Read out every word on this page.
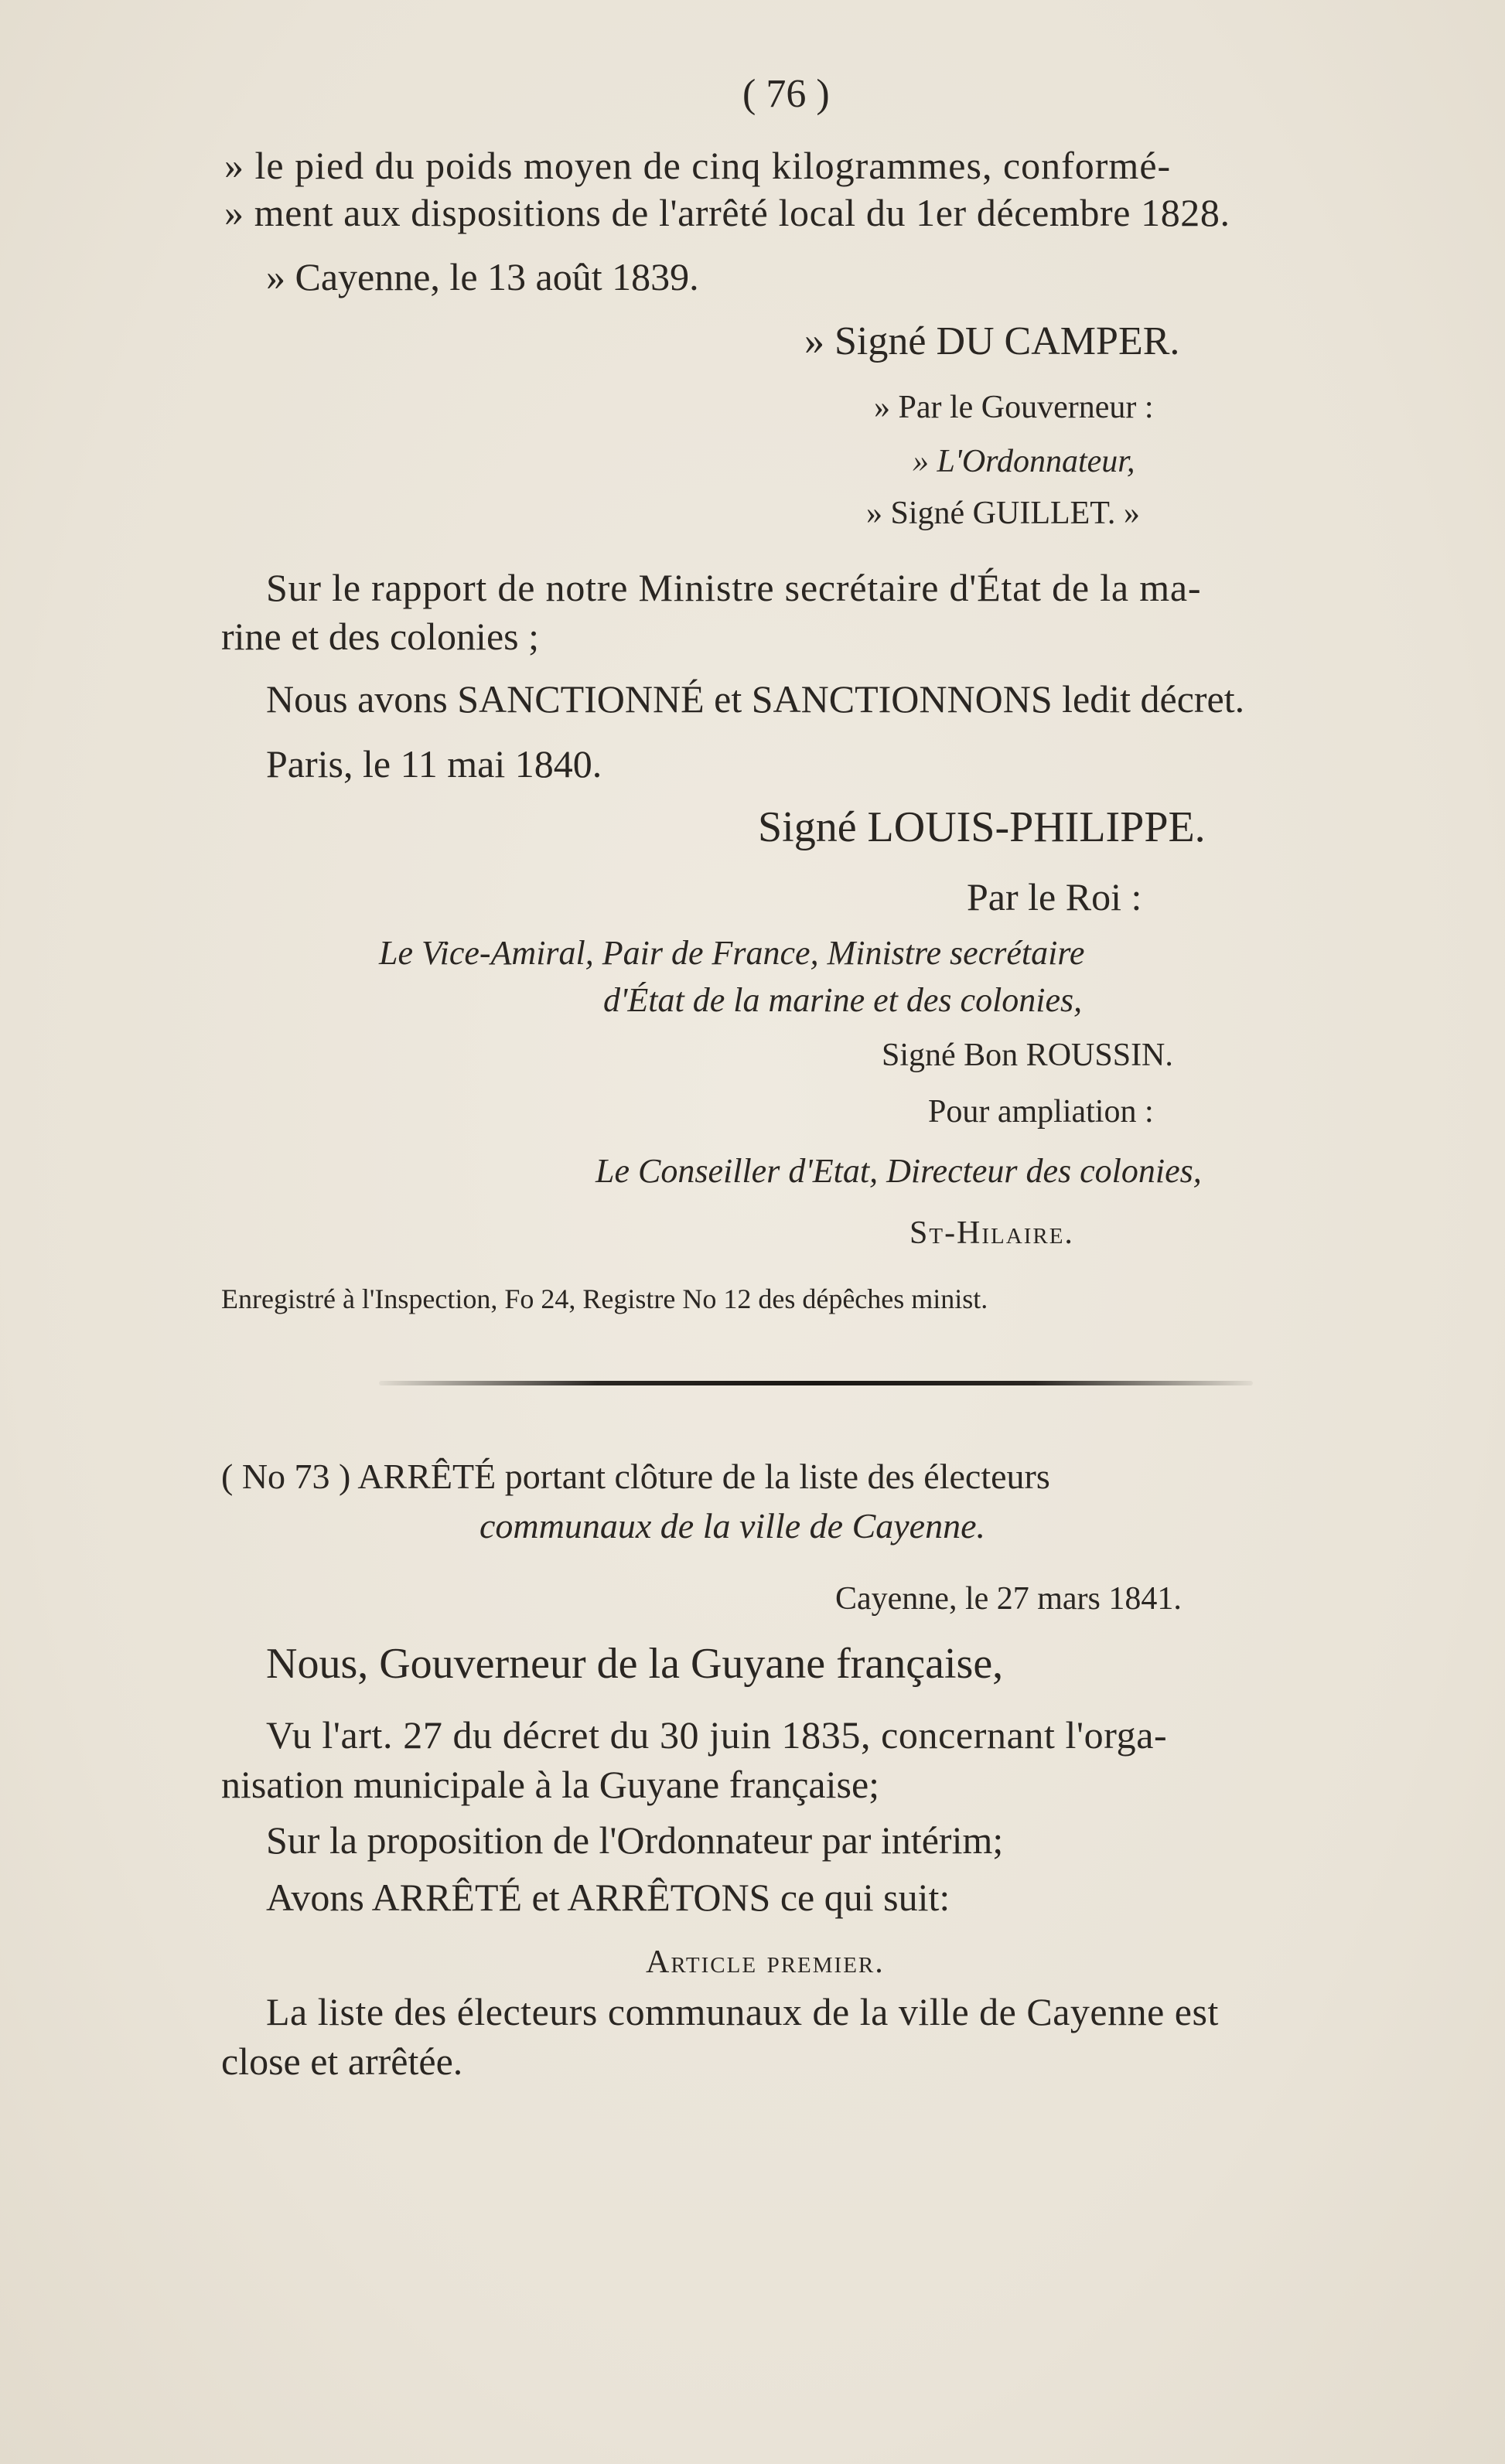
( 76 )
» le pied du poids moyen de cinq kilogrammes, conformé-
» ment aux dispositions de l'arrêté local du 1er décembre 1828.
» Cayenne, le 13 août 1839.
» Signé DU CAMPER.
» Par le Gouverneur :
» L'Ordonnateur,
» Signé GUILLET. »
Sur le rapport de notre Ministre secrétaire d'État de la ma-
rine et des colonies ;
Nous avons SANCTIONNÉ et SANCTIONNONS ledit décret.
Paris, le 11 mai 1840.
Signé LOUIS-PHILIPPE.
Par le Roi :
Le Vice-Amiral, Pair de France, Ministre secrétaire
d'État de la marine et des colonies,
Signé Bon ROUSSIN.
Pour ampliation :
Le Conseiller d'Etat, Directeur des colonies,
St-Hilaire.
Enregistré à l'Inspection, Fo 24, Registre No 12 des dépêches minist.
( No 73 ) ARRÊTÉ portant clôture de la liste des électeurs
communaux de la ville de Cayenne.
Cayenne, le 27 mars 1841.
Nous, Gouverneur de la Guyane française,
Vu l'art. 27 du décret du 30 juin 1835, concernant l'orga-
nisation municipale à la Guyane française;
Sur la proposition de l'Ordonnateur par intérim;
Avons ARRÊTÉ et ARRÊTONS ce qui suit:
Article premier.
La liste des électeurs communaux de la ville de Cayenne est
close et arrêtée.
